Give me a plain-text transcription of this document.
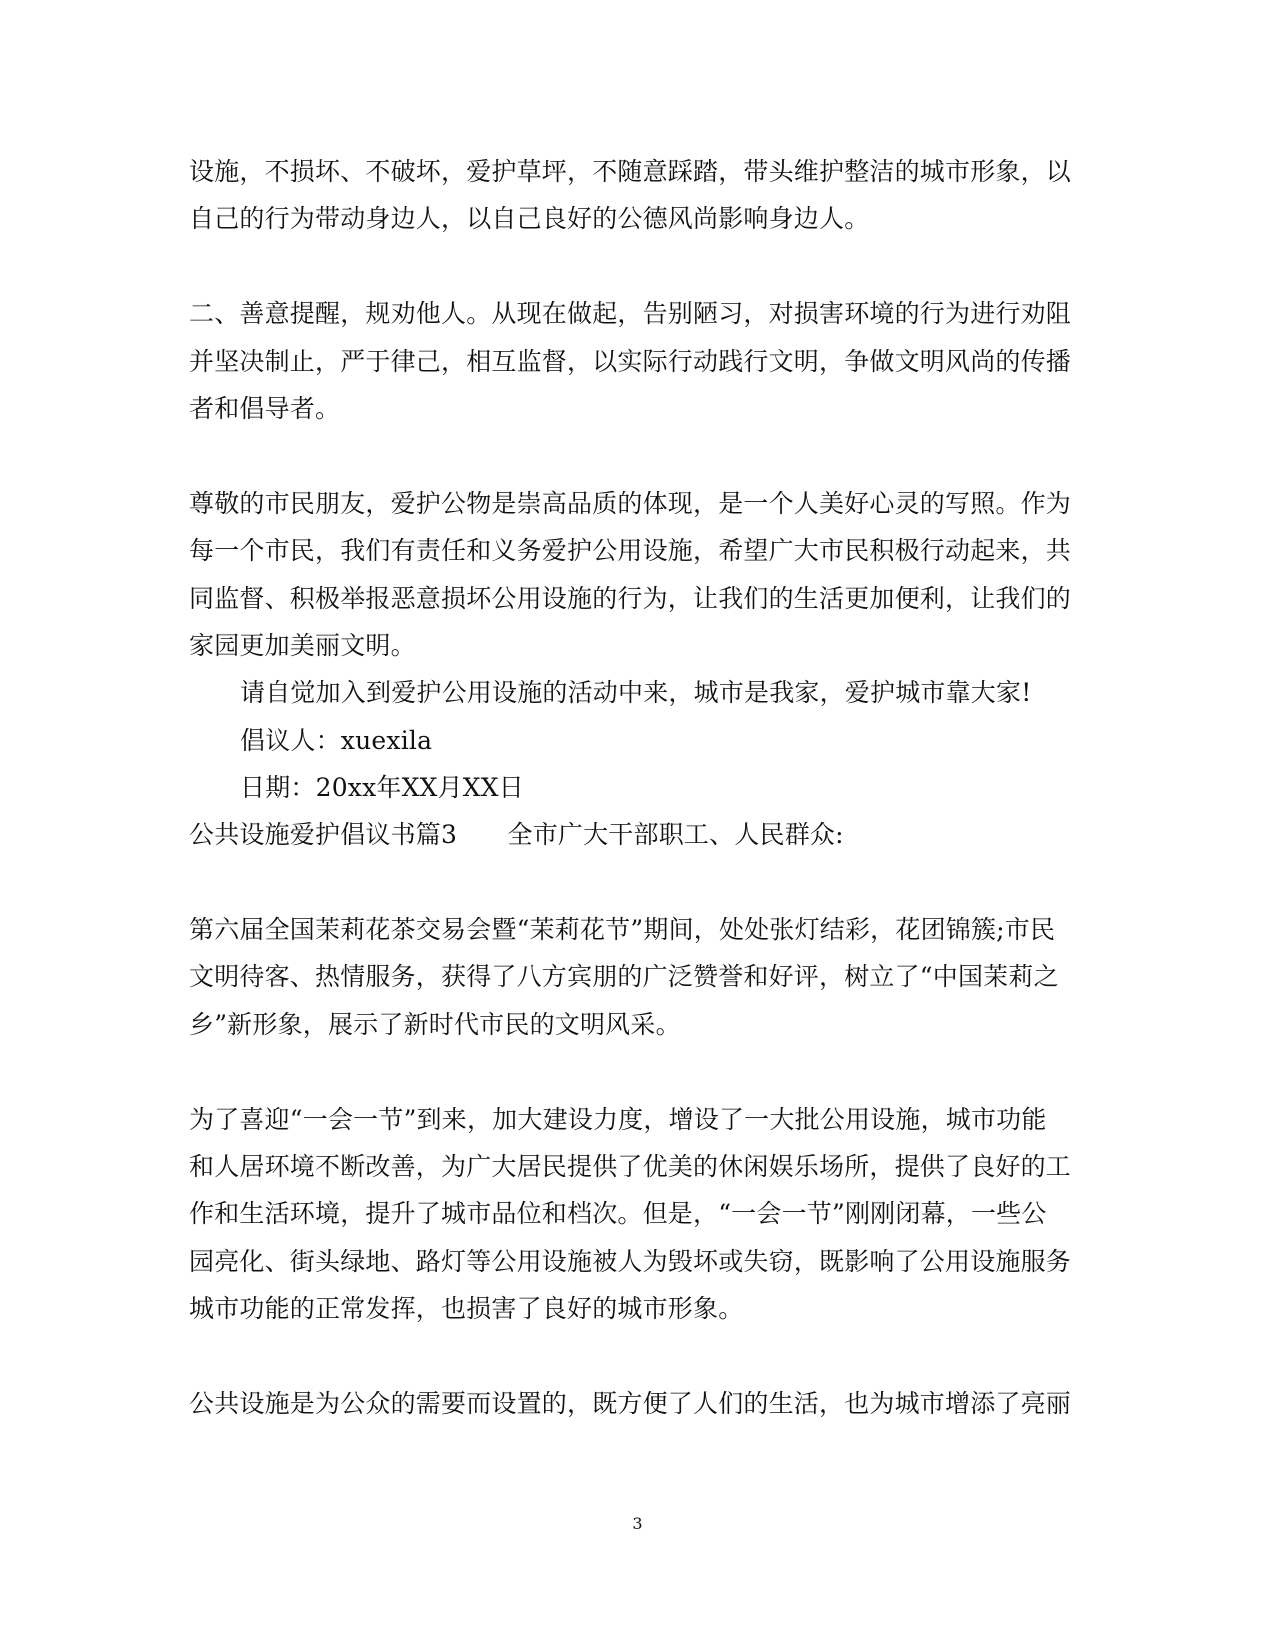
设施，不损坏、不破坏，爱护草坪，不随意踩踏，带头维护整洁的城市形象，以
自己的行为带动身边人，以自己良好的公德风尚影响身边人。
二、善意提醒，规劝他人。从现在做起，告别陋习，对损害环境的行为进行劝阻
并坚决制止，严于律己，相互监督，以实际行动践行文明，争做文明风尚的传播
者和倡导者。
尊敬的市民朋友，爱护公物是崇高品质的体现，是一个人美好心灵的写照。作为
每一个市民，我们有责任和义务爱护公用设施，希望广大市民积极行动起来，共
同监督、积极举报恶意损坏公用设施的行为，让我们的生活更加便利，让我们的
家园更加美丽文明。
请自觉加入到爱护公用设施的活动中来，城市是我家，爱护城市靠大家!
倡议人：xuexila
日期：20xx年XX月XX日
公共设施爱护倡议书篇3　　全市广大干部职工、人民群众:
第六届全国茉莉花茶交易会暨“茉莉花节”期间，处处张灯结彩，花团锦簇;市民
文明待客、热情服务，获得了八方宾朋的广泛赞誉和好评，树立了“中国茉莉之
乡”新形象，展示了新时代市民的文明风采。
为了喜迎“一会一节”到来，加大建设力度，增设了一大批公用设施，城市功能
和人居环境不断改善，为广大居民提供了优美的休闲娱乐场所，提供了良好的工
作和生活环境，提升了城市品位和档次。但是，“一会一节”刚刚闭幕，一些公
园亮化、街头绿地、路灯等公用设施被人为毁坏或失窃，既影响了公用设施服务
城市功能的正常发挥，也损害了良好的城市形象。
公共设施是为公众的需要而设置的，既方便了人们的生活，也为城市增添了亮丽
3
